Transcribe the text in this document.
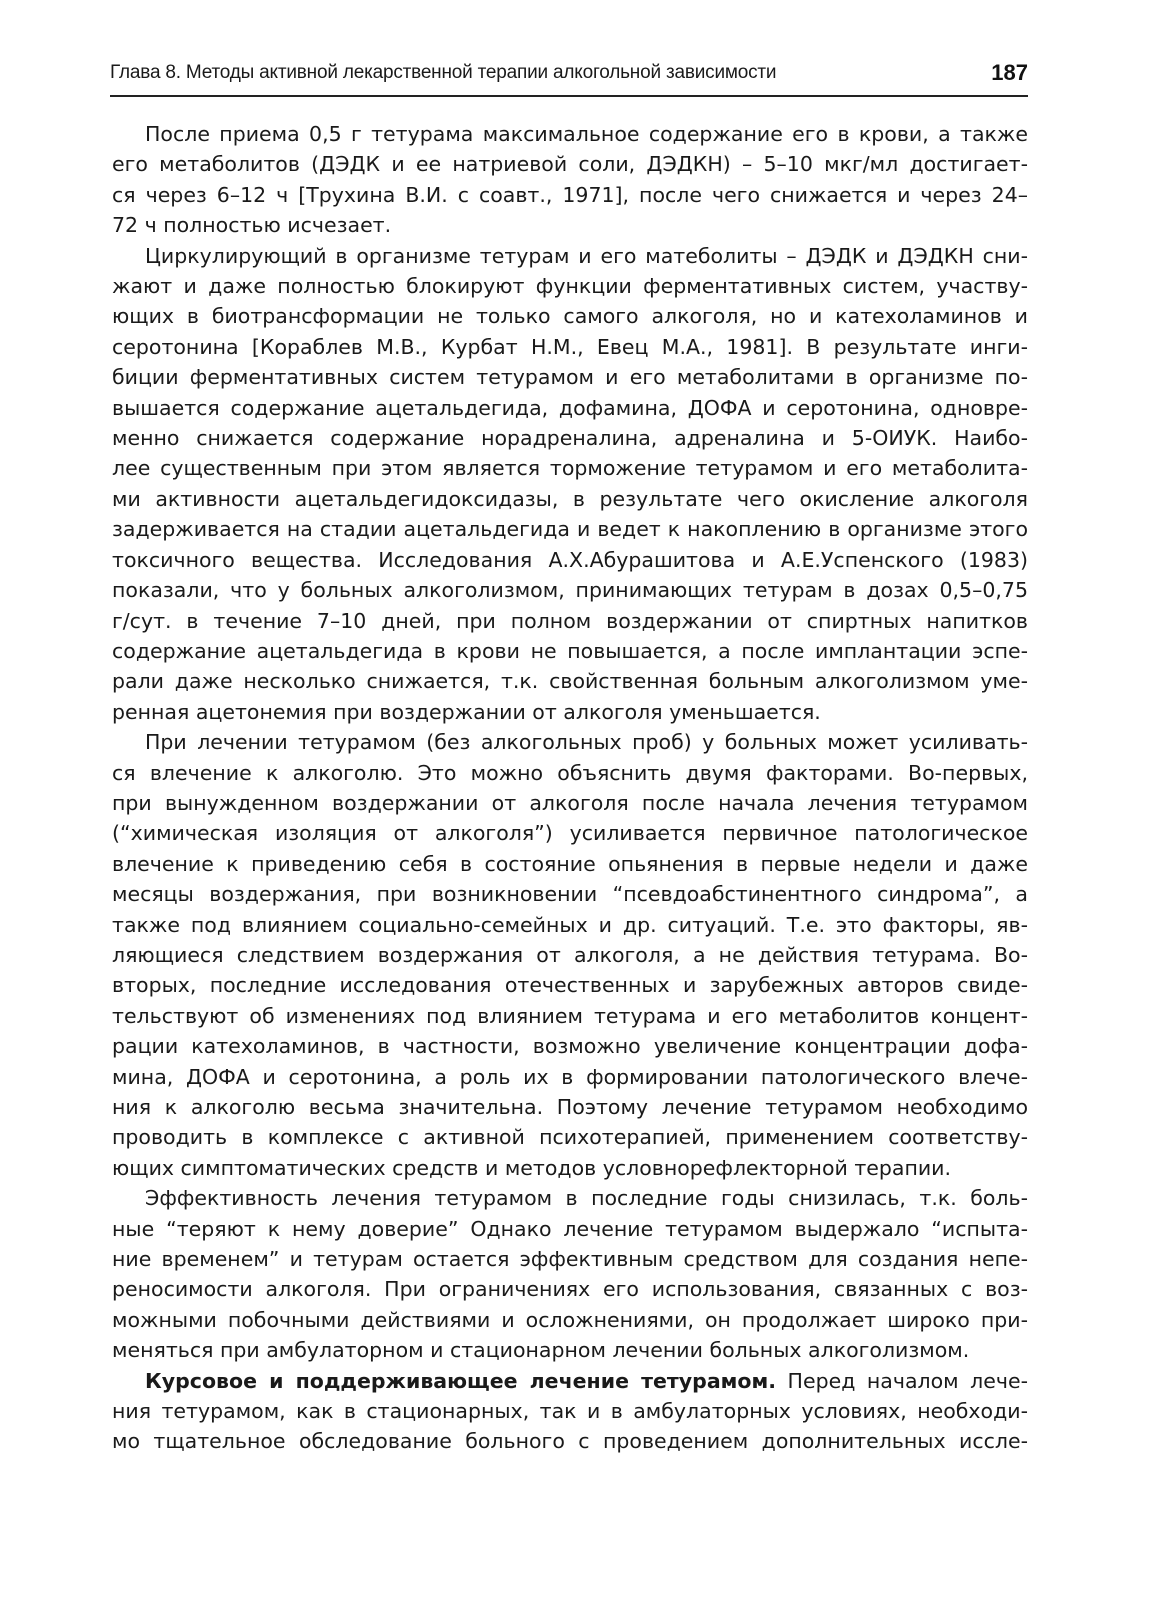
Глава 8. Методы активной лекарственной терапии алкогольной зависимости	187

После приема 0,5 г тетурама максимальное содержание его в крови, а также
его метаболитов (ДЭДК и ее натриевой соли, ДЭДКН) – 5–10 мкг/мл достигает-
ся через 6–12 ч [Трухина В.И. с соавт., 1971], после чего снижается и через 24–
72 ч полностью исчезает.

Циркулирующий в организме тетурам и его матеболиты – ДЭДК и ДЭДКН сни-
жают и даже полностью блокируют функции ферментативных систем, участву-
ющих в биотрансформации не только самого алкоголя, но и катехоламинов и
серотонина [Кораблев М.В., Курбат Н.М., Евец М.А., 1981]. В результате инги-
биции ферментативных систем тетурамом и его метаболитами в организме по-
вышается содержание ацетальдегида, дофамина, ДОФА и серотонина, одновре-
менно снижается содержание норадреналина, адреналина и 5-ОИУК. Наибо-
лее существенным при этом является торможение тетурамом и его метаболита-
ми активности ацетальдегидоксидазы, в результате чего окисление алкоголя
задерживается на стадии ацетальдегида и ведет к накоплению в организме этого
токсичного вещества. Исследования А.Х.Абурашитова и А.Е.Успенского (1983)
показали, что у больных алкоголизмом, принимающих тетурам в дозах 0,5–0,75
г/сут. в течение 7–10 дней, при полном воздержании от спиртных напитков
содержание ацетальдегида в крови не повышается, а после имплантации эспе-
рали даже несколько снижается, т.к. свойственная больным алкоголизмом уме-
ренная ацетонемия при воздержании от алкоголя уменьшается.

При лечении тетурамом (без алкогольных проб) у больных может усиливать-
ся влечение к алкоголю. Это можно объяснить двумя факторами. Во-первых,
при вынужденном воздержании от алкоголя после начала лечения тетурамом
(“химическая изоляция от алкоголя”) усиливается первичное патологическое
влечение к приведению себя в состояние опьянения в первые недели и даже
месяцы воздержания, при возникновении “псевдоабстинентного синдрома”, а
также под влиянием социально-семейных и др. ситуаций. Т.е. это факторы, яв-
ляющиеся следствием воздержания от алкоголя, а не действия тетурама. Во-
вторых, последние исследования отечественных и зарубежных авторов свиде-
тельствуют об изменениях под влиянием тетурама и его метаболитов концент-
рации катехоламинов, в частности, возможно увеличение концентрации дофа-
мина, ДОФА и серотонина, а роль их в формировании патологического влече-
ния к алкоголю весьма значительна. Поэтому лечение тетурамом необходимо
проводить в комплексе с активной психотерапией, применением соответству-
ющих симптоматических средств и методов условнорефлекторной терапии.

Эффективность лечения тетурамом в последние годы снизилась, т.к. боль-
ные “теряют к нему доверие” Однако лечение тетурамом выдержало “испыта-
ние временем” и тетурам остается эффективным средством для создания непе-
реносимости алкоголя. При ограничениях его использования, связанных с воз-
можными побочными действиями и осложнениями, он продолжает широко при-
меняться при амбулаторном и стационарном лечении больных алкоголизмом.

Курсовое и поддерживающее лечение тетурамом. Перед началом лече-
ния тетурамом, как в стационарных, так и в амбулаторных условиях, необходи-
мо тщательное обследование больного с проведением дополнительных иссле-
